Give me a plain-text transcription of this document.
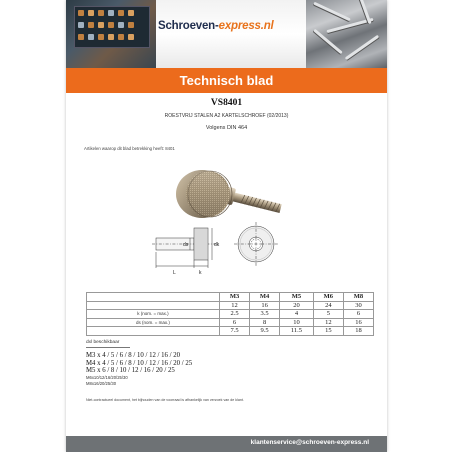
Schroeven-express.nl
Technisch blad
VS8401
ROESTVRIJ STALEN A2 KARTELSCHROEF (02/2013)
Volgens DIN 464
Artikelen waarop dit blad betrekking heeft: 8401
ds	dk
L	k
	M3	M4	M5	M6	M8
	12	16	20	24	30
k (nom. = max.)	2.5	3.5	4	5	6
ds (nom. = max.)	6	8	10	12	16
	7.5	9.5	11.5	15	18
dxl beschikbaar
M3 x 4 / 5 / 6 / 8 / 10 / 12 / 16 / 20
M4 x 4 / 5 / 6 / 8 / 10 / 12 / 16 / 20 / 25
M5 x 6 / 8 / 10 / 12 / 16 / 20 / 25
M6x10/12/16/20/25/30
M8x16/20/25/30
Niet-contractueel document, het bijhouden van de voorraad is afhankelijk van verzoek van de klant.
klantenservice@schroeven-express.nl
